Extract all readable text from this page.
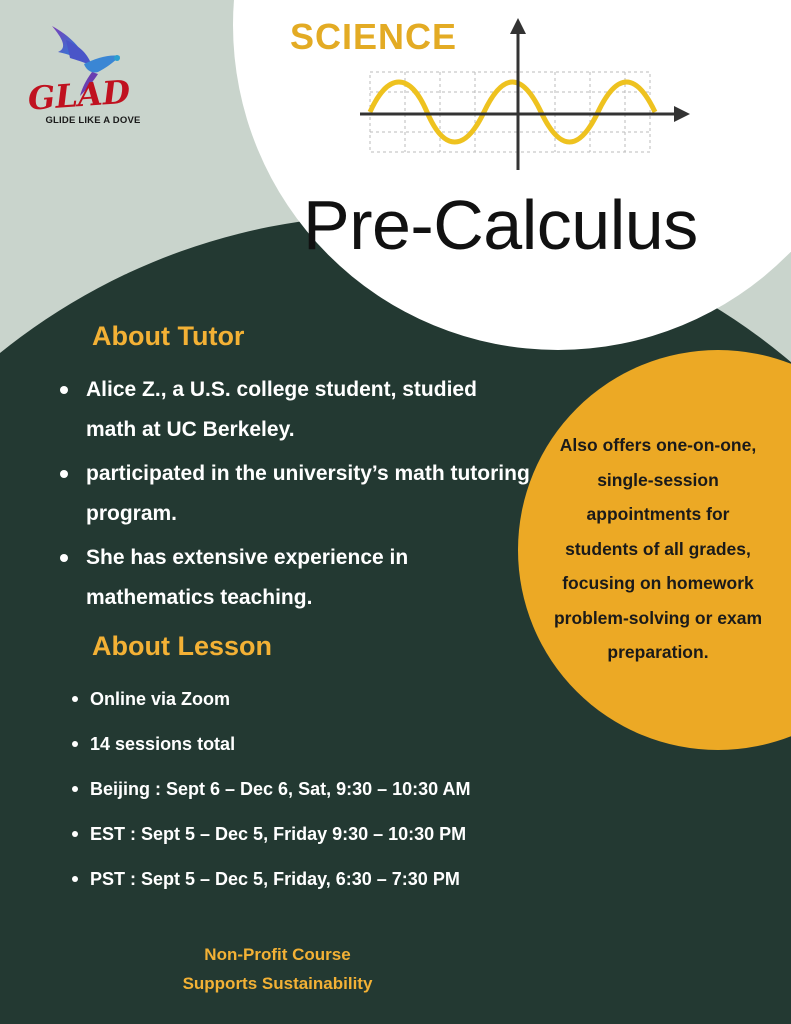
GLAD
GLIDE LIKE A DOVE
SCIENCE
Pre-Calculus
About Tutor
Alice Z., a U.S. college student, studied math at UC Berkeley.
participated in the university’s math tutoring program.
She has extensive experience in mathematics teaching.
About Lesson
Online via Zoom
14 sessions total
Beijing : Sept 6 – Dec 6, Sat, 9:30 – 10:30 AM
EST : Sept 5 – Dec 5, Friday 9:30 – 10:30 PM
PST : Sept 5 – Dec 5, Friday, 6:30 – 7:30 PM
Also offers one-on-one, single-session appointments for students of all grades, focusing on homework problem-solving or exam preparation.
Non-Profit Course
Supports Sustainability
